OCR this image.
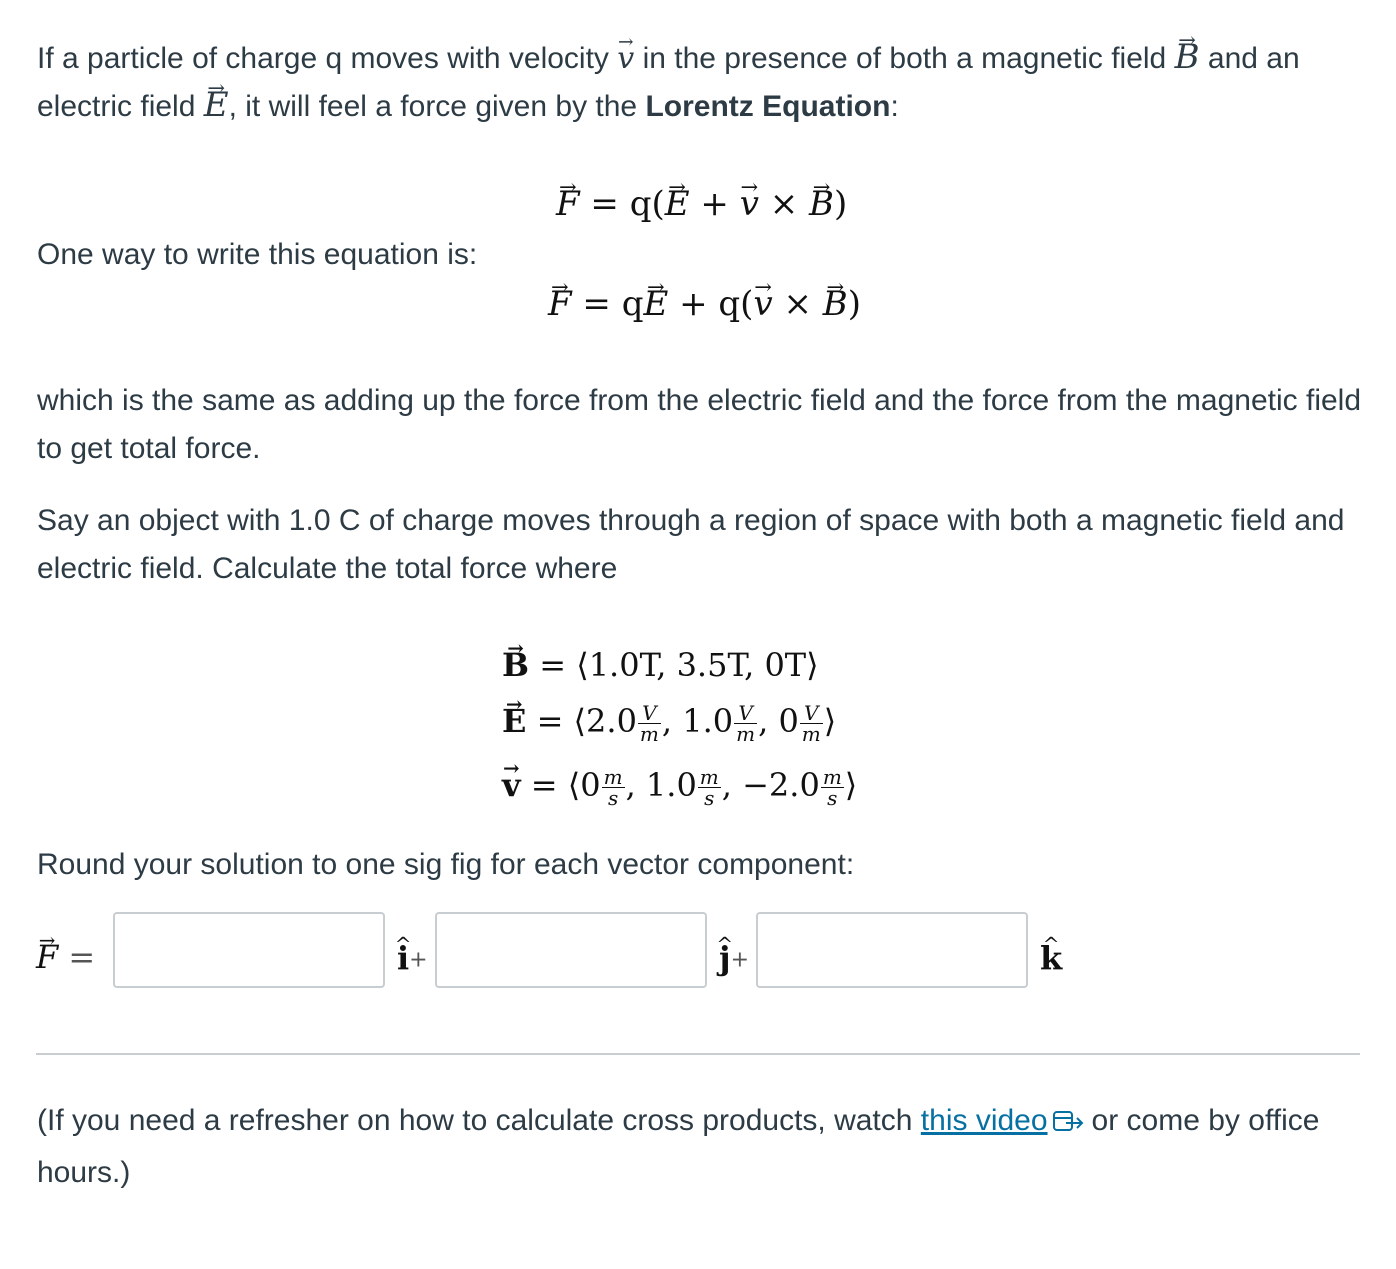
If a particle of charge q moves with velocity → v in the presence of both a magnetic field → B and an electric field → E, it will feel a force given by the Lorentz Equation:

→ F = q(→ E + → v × → B)

One way to write this equation is:

→ F = q→ E + q(→ v × → B)

which is the same as adding up the force from the electric field and the force from the magnetic field to get total force.

Say an object with 1.0 C of charge moves through a region of space with both a magnetic field and electric field. Calculate the total force where

→ B = ⟨1.0T, 3.5T, 0T⟩
→ E = ⟨2.0 $\frac{V}{m}$ , $1.0 \frac{V}{m}$ , $0 \frac{V}{m}$ ⟩
→ v = ⟨0 $\frac{m}{s}$ , $1.0 \frac{m}{s}$ , $-2.0 \frac{m}{s}$ ⟩

Round your solution to one sig fig for each vector component:

→ F =	^ i+	^ j+	^ k

(If you need a refresher on how to calculate cross products, watch this video or come by office hours.)
